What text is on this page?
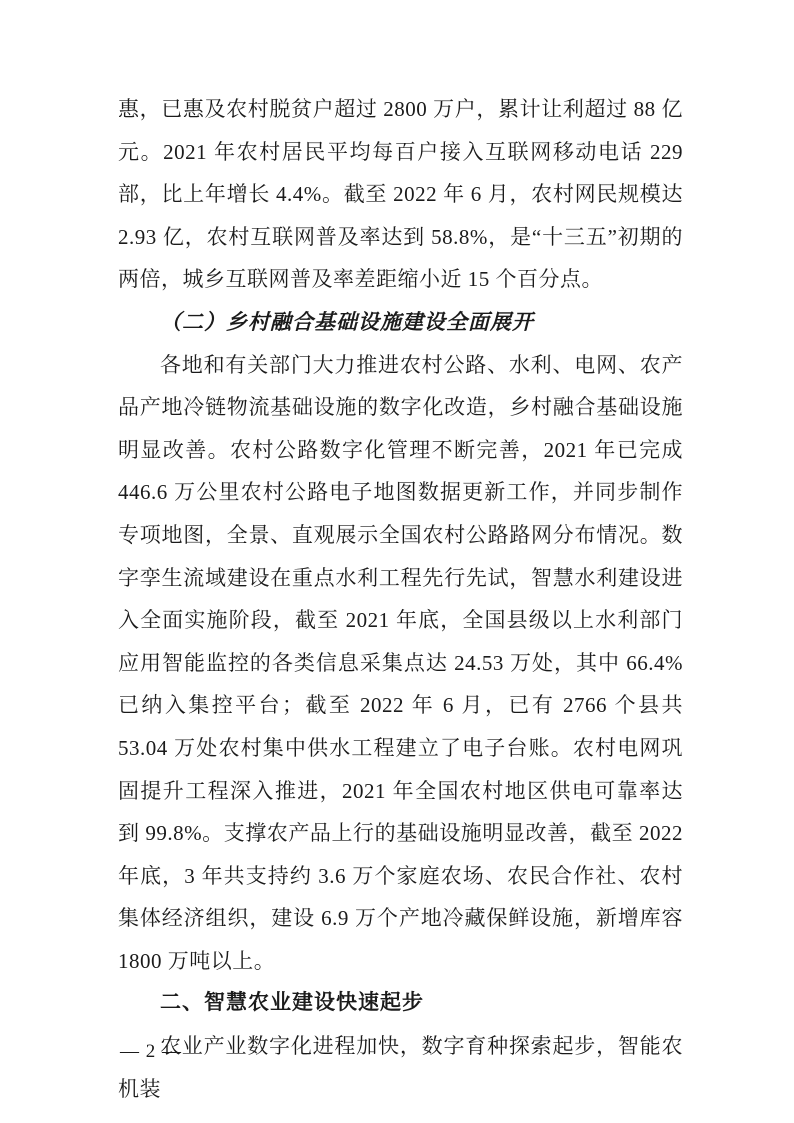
惠，已惠及农村脱贫户超过 2800 万户，累计让利超过 88 亿元。2021 年农村居民平均每百户接入互联网移动电话 229 部，比上年增长 4.4%。截至 2022 年 6 月，农村网民规模达 2.93 亿，农村互联网普及率达到 58.8%，是“十三五”初期的两倍，城乡互联网普及率差距缩小近 15 个百分点。

（二）乡村融合基础设施建设全面展开

各地和有关部门大力推进农村公路、水利、电网、农产品产地冷链物流基础设施的数字化改造，乡村融合基础设施明显改善。农村公路数字化管理不断完善，2021 年已完成 446.6 万公里农村公路电子地图数据更新工作，并同步制作专项地图，全景、直观展示全国农村公路路网分布情况。数字孪生流域建设在重点水利工程先行先试，智慧水利建设进入全面实施阶段，截至 2021 年底，全国县级以上水利部门应用智能监控的各类信息采集点达 24.53 万处，其中 66.4%已纳入集控平台；截至 2022 年 6 月，已有 2766 个县共 53.04 万处农村集中供水工程建立了电子台账。农村电网巩固提升工程深入推进，2021 年全国农村地区供电可靠率达到 99.8%。支撑农产品上行的基础设施明显改善，截至 2022 年底，3 年共支持约 3.6 万个家庭农场、农民合作社、农村集体经济组织，建设 6.9 万个产地冷藏保鲜设施，新增库容 1800 万吨以上。

二、智慧农业建设快速起步

农业产业数字化进程加快，数字育种探索起步，智能农机装

— 2 —
